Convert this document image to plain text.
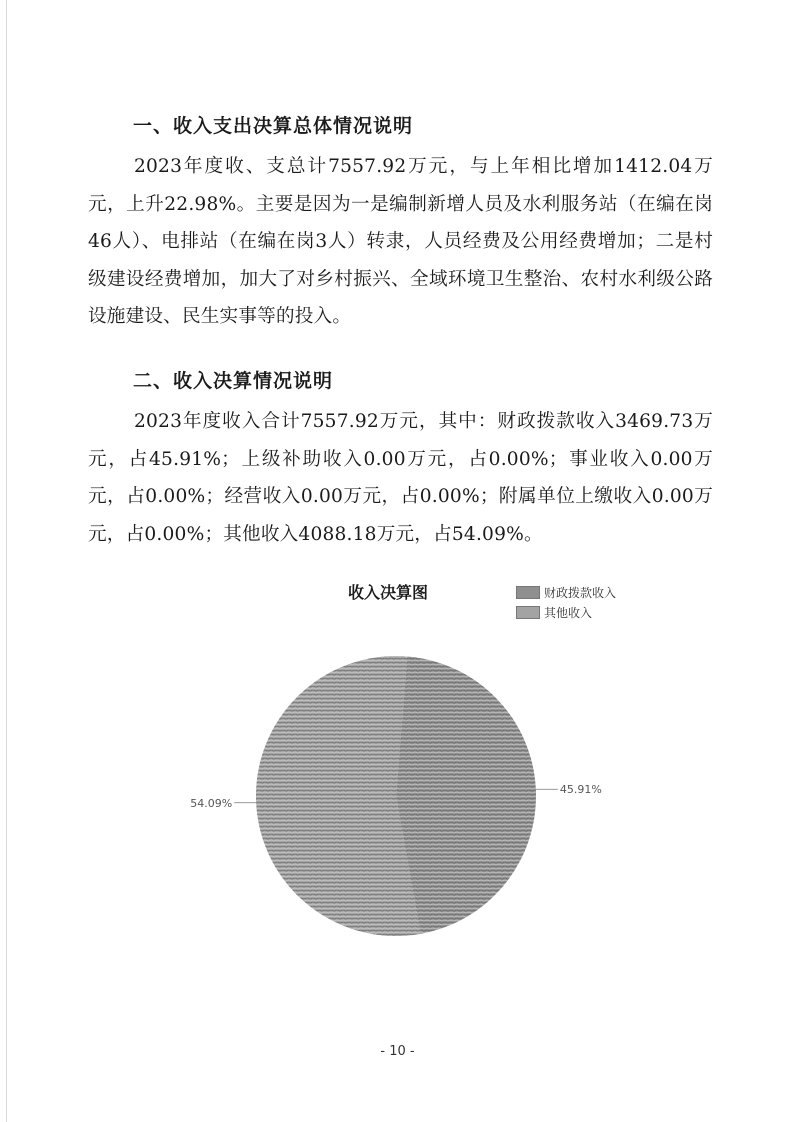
一、收入支出决算总体情况说明
2023年度收、支总计7557.92万元，与上年相比增加1412.04万元，上升22.98%。主要是因为一是编制新增人员及水利服务站（在编在岗46人）、电排站（在编在岗3人）转隶，人员经费及公用经费增加；二是村级建设经费增加，加大了对乡村振兴、全域环境卫生整治、农村水利级公路设施建设、民生实事等的投入。
二、收入决算情况说明
2023年度收入合计7557.92万元，其中：财政拨款收入3469.73万元，占45.91%；上级补助收入0.00万元，占0.00%；事业收入0.00万元，占0.00%；经营收入0.00万元，占0.00%；附属单位上缴收入0.00万元，占0.00%；其他收入4088.18万元，占54.09%。
收入决算图	财政拨款收入
其他收入
45.91%
54.09%
- 10 -
